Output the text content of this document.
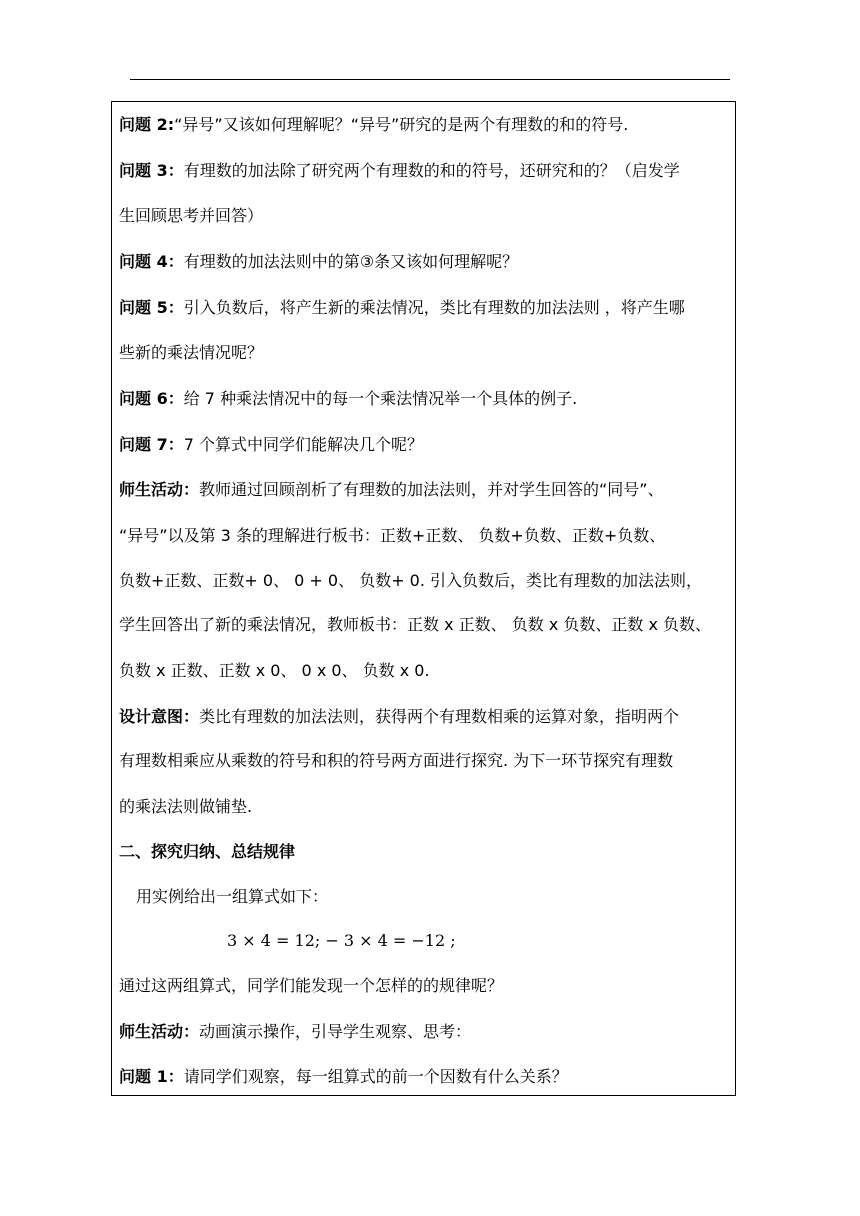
问题 2:“异号”又该如何理解呢？“异号”研究的是两个有理数的和的符号.
问题 3：有理数的加法除了研究两个有理数的和的符号，还研究和的？（启发学
生回顾思考并回答）
问题 4：有理数的加法法则中的第③条又该如何理解呢？
问题 5：引入负数后，将产生新的乘法情况，类比有理数的加法法则 ，将产生哪
些新的乘法情况呢？
问题 6：给 7 种乘法情况中的每一个乘法情况举一个具体的例子.
问题 7：7 个算式中同学们能解决几个呢？
师生活动：教师通过回顾剖析了有理数的加法法则，并对学生回答的“同号”、
“异号”以及第 3 条的理解进行板书：正数+正数、 负数+负数、正数+负数、
负数+正数、正数+ 0、 0 + 0、 负数+ 0. 引入负数后，类比有理数的加法法则，
学生回答出了新的乘法情况，教师板书：正数 x 正数、 负数 x 负数、正数 x 负数、
负数 x 正数、正数 x 0、 0 x 0、 负数 x 0.
设计意图：类比有理数的加法法则，获得两个有理数相乘的运算对象，指明两个
有理数相乘应从乘数的符号和积的符号两方面进行探究. 为下一环节探究有理数
的乘法法则做铺垫.
二、探究归纳、总结规律
用实例给出一组算式如下：
3 × 4 = 12; − 3 × 4 = −12 ;
通过这两组算式，同学们能发现一个怎样的的规律呢？
师生活动：动画演示操作，引导学生观察、思考：
问题 1：请同学们观察，每一组算式的前一个因数有什么关系？
